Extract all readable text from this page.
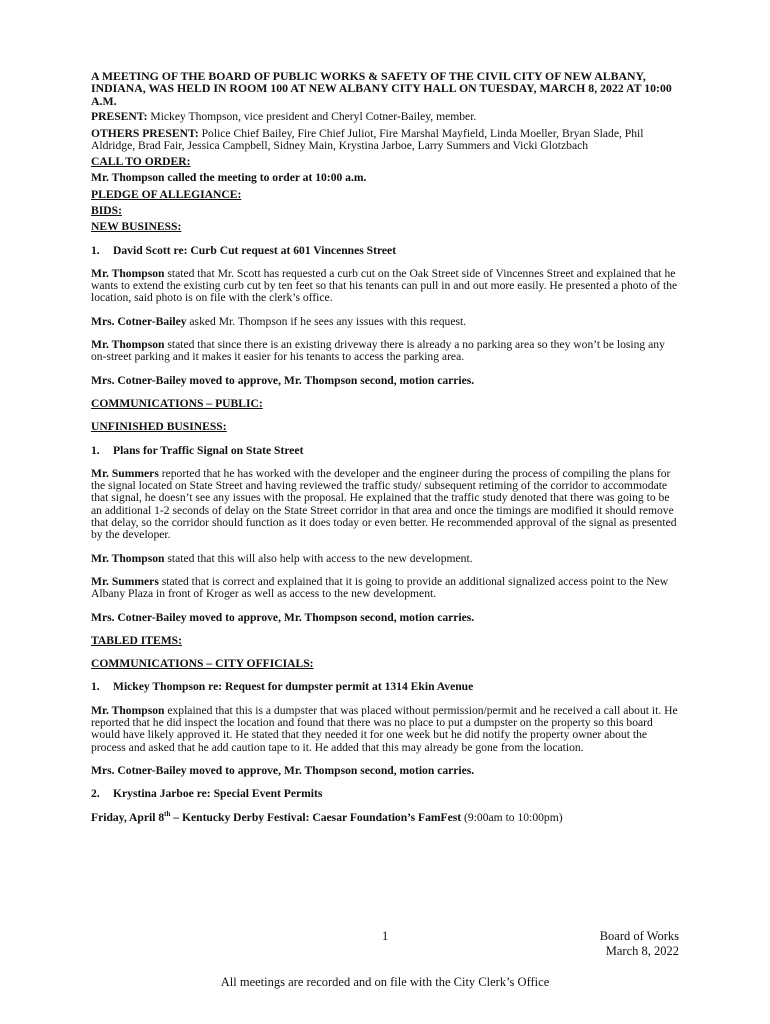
A MEETING OF THE BOARD OF PUBLIC WORKS & SAFETY OF THE CIVIL CITY OF NEW ALBANY, INDIANA, WAS HELD IN ROOM 100 AT NEW ALBANY CITY HALL ON TUESDAY, MARCH 8, 2022 AT 10:00 A.M.

PRESENT: Mickey Thompson, vice president and Cheryl Cotner-Bailey, member.

OTHERS PRESENT: Police Chief Bailey, Fire Chief Juliot, Fire Marshal Mayfield, Linda Moeller, Bryan Slade, Phil Aldridge, Brad Fair, Jessica Campbell, Sidney Main, Krystina Jarboe, Larry Summers and Vicki Glotzbach

CALL TO ORDER:

Mr. Thompson called the meeting to order at 10:00 a.m.

PLEDGE OF ALLEGIANCE:

BIDS:

NEW BUSINESS:

1. David Scott re: Curb Cut request at 601 Vincennes Street

Mr. Thompson stated that Mr. Scott has requested a curb cut on the Oak Street side of Vincennes Street and explained that he wants to extend the existing curb cut by ten feet so that his tenants can pull in and out more easily. He presented a photo of the location, said photo is on file with the clerk’s office.

Mrs. Cotner-Bailey asked Mr. Thompson if he sees any issues with this request.

Mr. Thompson stated that since there is an existing driveway there is already a no parking area so they won’t be losing any on-street parking and it makes it easier for his tenants to access the parking area.

Mrs. Cotner-Bailey moved to approve, Mr. Thompson second, motion carries.

COMMUNICATIONS – PUBLIC:

UNFINISHED BUSINESS:

1. Plans for Traffic Signal on State Street

Mr. Summers reported that he has worked with the developer and the engineer during the process of compiling the plans for the signal located on State Street and having reviewed the traffic study/ subsequent retiming of the corridor to accommodate that signal, he doesn’t see any issues with the proposal. He explained that the traffic study denoted that there was going to be an additional 1-2 seconds of delay on the State Street corridor in that area and once the timings are modified it should remove that delay, so the corridor should function as it does today or even better. He recommended approval of the signal as presented by the developer.

Mr. Thompson stated that this will also help with access to the new development.

Mr. Summers stated that is correct and explained that it is going to provide an additional signalized access point to the New Albany Plaza in front of Kroger as well as access to the new development.

Mrs. Cotner-Bailey moved to approve, Mr. Thompson second, motion carries.

TABLED ITEMS:

COMMUNICATIONS – CITY OFFICIALS:

1. Mickey Thompson re: Request for dumpster permit at 1314 Ekin Avenue

Mr. Thompson explained that this is a dumpster that was placed without permission/permit and he received a call about it. He reported that he did inspect the location and found that there was no place to put a dumpster on the property so this board would have likely approved it. He stated that they needed it for one week but he did notify the property owner about the process and asked that he add caution tape to it. He added that this may already be gone from the location.

Mrs. Cotner-Bailey moved to approve, Mr. Thompson second, motion carries.

2. Krystina Jarboe re: Special Event Permits

Friday, April 8th – Kentucky Derby Festival: Caesar Foundation’s FamFest (9:00am to 10:00pm)

1	Board of Works
March 8, 2022
All meetings are recorded and on file with the City Clerk’s Office
